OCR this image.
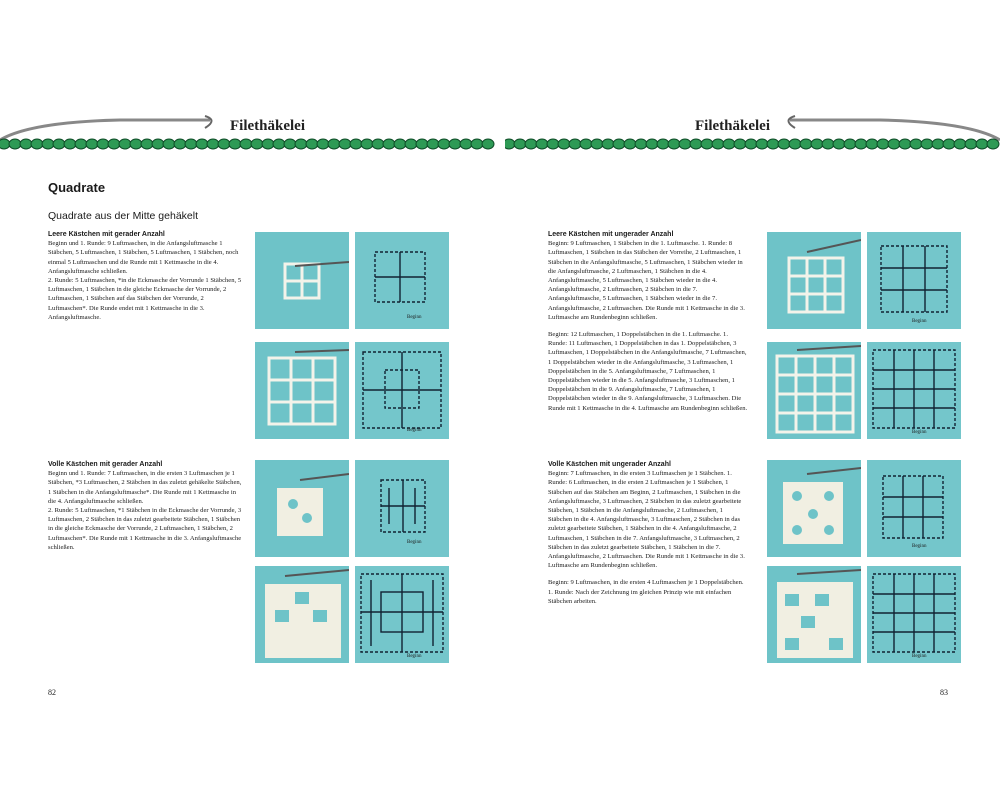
Filethäkelei
Quadrate
Quadrate aus der Mitte gehäkelt
Leere Kästchen mit gerader Anzahl

Beginn und 1. Runde: 9 Luftmaschen, in die Anfangsluftmasche 1 Stäbchen, 5 Luftmaschen, 1 Stäbchen, 5 Luftmaschen, 1 Stäbchen, noch einmal 5 Luftmaschen und die Runde mit 1 Kettmasche in die 4. Anfangsluftmasche schließen.

2. Runde: 5 Luftmaschen, *in die Eckmasche der Vorrunde 1 Stäbchen, 5 Luftmaschen, 1 Stäbchen in die gleiche Eckmasche der Vorrunde, 2 Luftmaschen, 1 Stäbchen auf das Stäbchen der Vorrunde, 2 Luftmaschen*. Die Runde endet mit 1 Kettmasche in die 3. Anfangsluftmasche.

Volle Kästchen mit gerader Anzahl

Beginn und 1. Runde: 7 Luftmaschen, in die ersten 3 Luftmaschen je 1 Stäbchen, *3 Luftmaschen, 2 Stäbchen in das zuletzt gehäkelte Stäbchen, 1 Stäbchen in die Anfangsluftmasche*. Die Runde mit 1 Kettmasche in die 4. Anfangsluftmasche schließen.

2. Runde: 5 Luftmaschen, *1 Stäbchen in die Eckmasche der Vorrunde, 3 Luftmaschen, 2 Stäbchen in das zuletzt gearbeitete Stäbchen, 1 Stäbchen in die gleiche Eckmasche der Vorrunde, 2 Luftmaschen, 1 Stäbchen, 2 Luftmaschen*. Die Runde mit 1 Kettmasche in die 3. Anfangsluftmasche schließen.

Beginn
Beginn
Beginn
Beginn
82
Filethäkelei
Leere Kästchen mit ungerader Anzahl

Beginn: 9 Luftmaschen, 1 Stäbchen in die 1. Luftmasche. 1. Runde: 8 Luftmaschen, 1 Stäbchen in das Stäbchen der Vorreihe, 2 Luftmaschen, 1 Stäbchen in die Anfangsluftmasche, 5 Luftmaschen, 1 Stäbchen wieder in die Anfangsluftmasche, 2 Luftmaschen, 1 Stäbchen in die 4. Anfangsluftmasche, 5 Luftmaschen, 1 Stäbchen wieder in die 4. Anfangsluftmasche, 2 Luftmaschen, 2 Stäbchen in die 7. Anfangsluftmasche, 5 Luftmaschen, 1 Stäbchen wieder in die 7. Anfangsluftmasche, 2 Luftmaschen. Die Runde mit 1 Kettmasche in die 3. Luftmasche am Rundenbeginn schließen.

Beginn: 12 Luftmaschen, 1 Doppelstäbchen in die 1. Luftmasche. 1. Runde: 11 Luftmaschen, 1 Doppelstäbchen in das 1. Doppelstäbchen, 3 Luftmaschen, 1 Doppelstäbchen in die Anfangsluftmasche, 7 Luftmaschen, 1 Doppelstäbchen wieder in die Anfangsluftmasche, 3 Luftmaschen, 1 Doppelstäbchen in die 5. Anfangsluftmasche, 7 Luftmaschen, 1 Doppelstäbchen wieder in die 5. Anfangsluftmasche, 3 Luftmaschen, 1 Doppelstäbchen in die 9. Anfangsluftmasche, 7 Luftmaschen, 1 Doppelstäbchen wieder in die 9. Anfangsluftmasche, 3 Luftmaschen. Die Runde mit 1 Kettmasche in die 4. Luftmasche am Rundenbeginn schließen.

Volle Kästchen mit ungerader Anzahl

Beginn: 7 Luftmaschen, in die ersten 3 Luftmaschen je 1 Stäbchen. 1. Runde: 6 Luftmaschen, in die ersten 2 Luftmaschen je 1 Stäbchen, 1 Stäbchen auf das Stäbchen am Beginn, 2 Luftmaschen, 1 Stäbchen in die Anfangsluftmasche, 3 Luftmaschen, 2 Stäbchen in das zuletzt gearbeitete Stäbchen, 1 Stäbchen in die Anfangsluftmasche, 2 Luftmaschen, 1 Stäbchen in die 4. Anfangsluftmasche, 3 Luftmaschen, 2 Stäbchen in das zuletzt gearbeitete Stäbchen, 1 Stäbchen in die 4. Anfangsluftmasche, 2 Luftmaschen, 1 Stäbchen in die 7. Anfangsluftmasche, 3 Luftmaschen, 2 Stäbchen in das zuletzt gearbeitete Stäbchen, 1 Stäbchen in die 7. Anfangsluftmasche, 2 Luftmaschen. Die Runde mit 1 Kettmasche in die 3. Luftmasche am Rundenbeginn schließen.

Beginn: 9 Luftmaschen, in die ersten 4 Luftmaschen je 1 Doppelstäbchen. 1. Runde: Nach der Zeichnung im gleichen Prinzip wie mit einfachen Stäbchen arbeiten.

Beginn
Beginn
Beginn
Beginn
83
